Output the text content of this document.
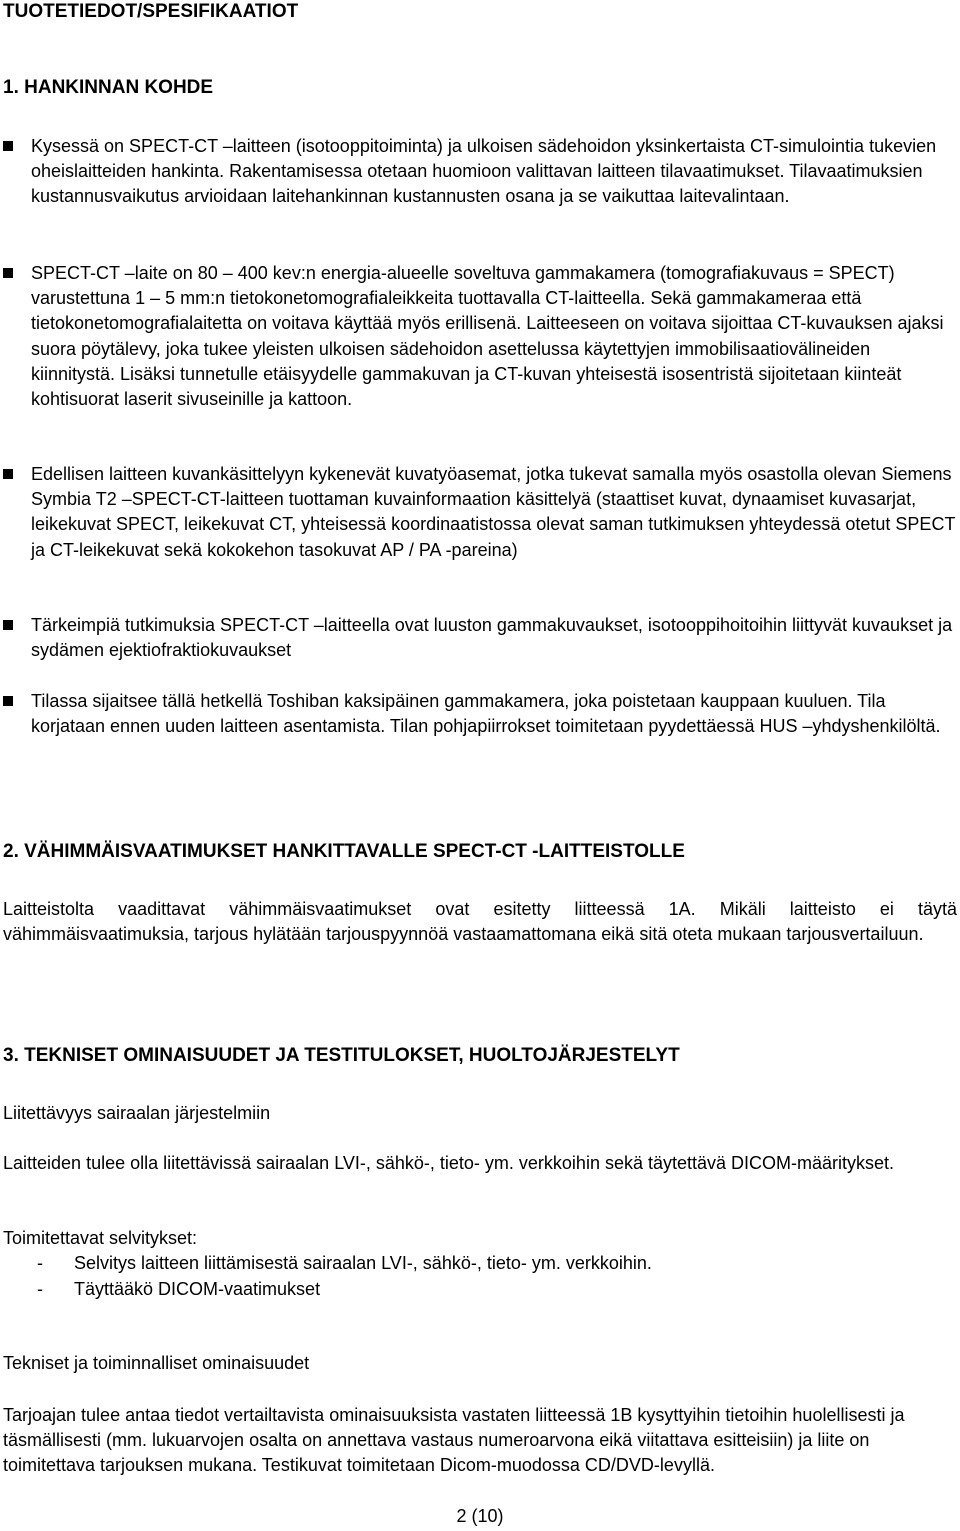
TUOTETIEDOT/SPESIFIKAATIOT
1. HANKINNAN KOHDE
Kysessä on SPECT-CT –laitteen (isotooppitoiminta) ja ulkoisen sädehoidon yksinkertaista CT-simulointia tukevien oheislaitteiden hankinta. Rakentamisessa otetaan huomioon valittavan laitteen tilavaatimukset. Tilavaatimuksien kustannusvaikutus arvioidaan laitehankinnan kustannusten osana ja se vaikuttaa laitevalintaan.
SPECT-CT –laite on 80 – 400 kev:n energia-alueelle soveltuva gammakamera (tomografiakuvaus = SPECT) varustettuna 1 – 5 mm:n tietokonetomografialeikkeita tuottavalla CT-laitteella. Sekä gammakameraa että tietokonetomografialaitetta on voitava käyttää myös erillisenä. Laitteeseen on voitava sijoittaa CT-kuvauksen ajaksi suora pöytälevy, joka tukee yleisten ulkoisen sädehoidon asettelussa käytettyjen immobilisaatiovälineiden kiinnitystä. Lisäksi tunnetulle etäisyydelle gammakuvan ja CT-kuvan yhteisestä isosentristä sijoitetaan kiinteät kohtisuorat laserit sivuseinille ja kattoon.
Edellisen laitteen kuvankäsittelyyn kykenevät kuvatyöasemat, jotka tukevat samalla myös osastolla olevan Siemens Symbia T2 –SPECT-CT-laitteen tuottaman kuvainformaation käsittelyä (staattiset kuvat, dynaamiset kuvasarjat, leikekuvat SPECT, leikekuvat CT, yhteisessä koordinaatistossa olevat saman tutkimuksen yhteydessä otetut SPECT ja CT-leikekuvat sekä kokokehon tasokuvat AP / PA -pareina)
Tärkeimpiä tutkimuksia SPECT-CT –laitteella ovat luuston gammakuvaukset, isotooppihoitoihin liittyvät kuvaukset ja sydämen ejektiofraktiokuvaukset
Tilassa sijaitsee tällä hetkellä Toshiban kaksipäinen gammakamera, joka poistetaan kauppaan kuuluen. Tila korjataan ennen uuden laitteen asentamista. Tilan pohjapiirrokset toimitetaan pyydettäessä HUS –yhdyshenkilöltä.
2. VÄHIMMÄISVAATIMUKSET HANKITTAVALLE SPECT-CT -LAITTEISTOLLE
Laitteistolta vaadittavat vähimmäisvaatimukset ovat esitetty liitteessä 1A. Mikäli laitteisto ei täytä vähimmäisvaatimuksia, tarjous hylätään tarjouspyynnöä vastaamattomana eikä sitä oteta mukaan tarjousvertailuun.
3. TEKNISET OMINAISUUDET JA TESTITULOKSET, HUOLTOJÄRJESTELYT
Liitettävyys sairaalan järjestelmiin
Laitteiden tulee olla liitettävissä sairaalan LVI-, sähkö-, tieto- ym. verkkoihin sekä täytettävä DICOM-määritykset.
Toimitettavat selvitykset:
- Selvitys laitteen liittämisestä sairaalan LVI-, sähkö-, tieto- ym. verkkoihin.
- Täyttääkö DICOM-vaatimukset
Tekniset ja toiminnalliset ominaisuudet
Tarjoajan tulee antaa tiedot vertailtavista ominaisuuksista vastaten liitteessä 1B kysyttyihin tietoihin huolellisesti ja täsmällisesti (mm. lukuarvojen osalta on annettava vastaus numeroarvona eikä viitattava esitteisiin) ja liite on toimitettava tarjouksen mukana. Testikuvat toimitetaan Dicom-muodossa CD/DVD-levyllä.
2 (10)
